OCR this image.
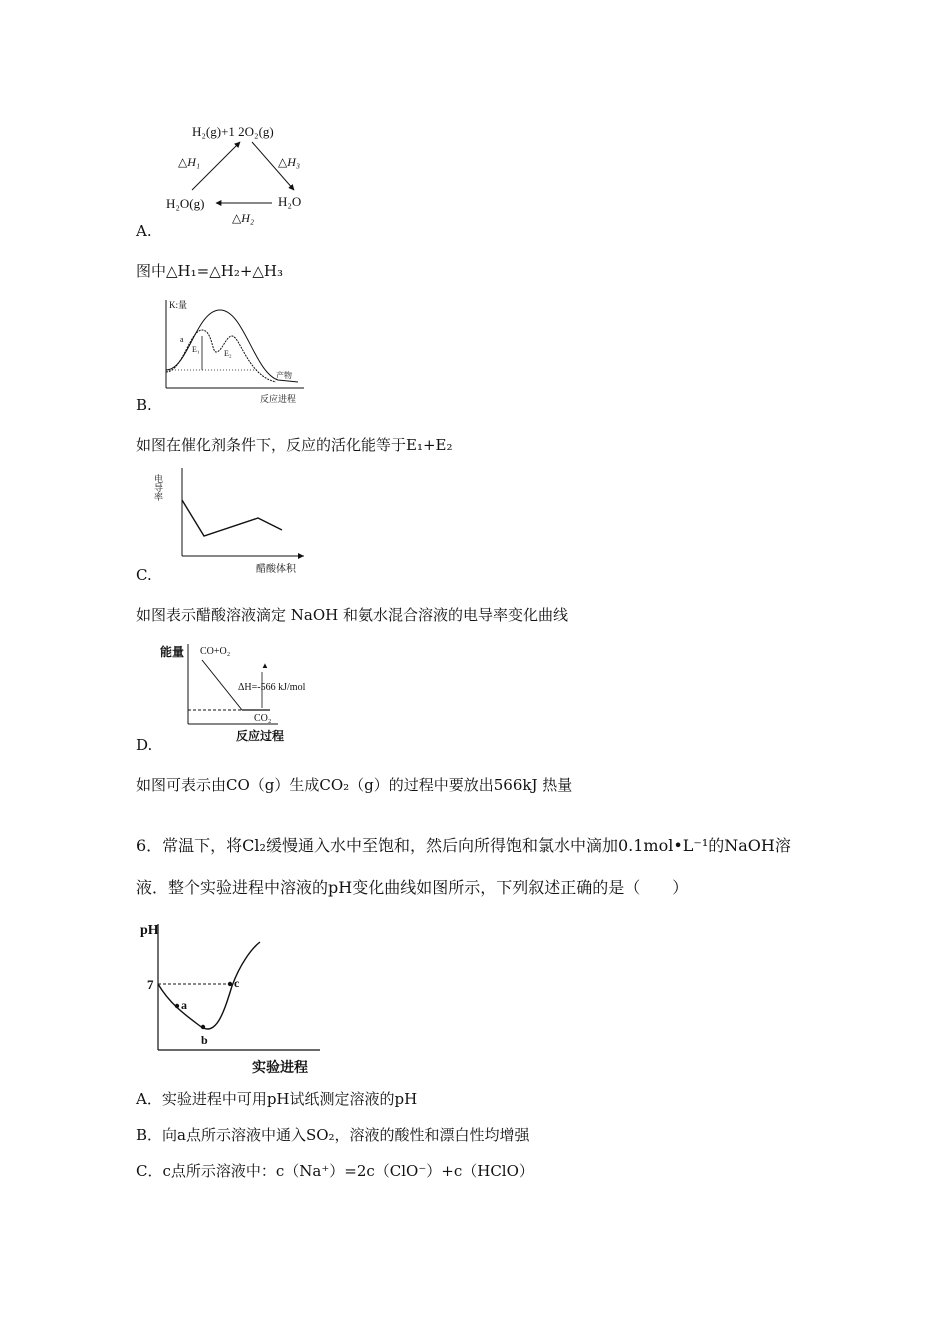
H₂(g)+1 2O₂(g)
△H₁	△H₃
H₂O(g)	H₂O
△H₂
A.
图中△H₁=△H₂+△H₃
K:量
a
E₁	E₂
产物
反应进程
B.
如图在催化剂条件下，反应的活化能等于E₁+E₂
电导率
醋酸体积
C.
如图表示醋酸溶液滴定 NaOH 和氨水混合溶液的电导率变化曲线
能量 CO+O₂
▲
ΔH=-566 kJ/mol
CO₂
反应过程
D.
如图可表示由CO（g）生成CO₂（g）的过程中要放出566kJ 热量
6．常温下，将Cl₂缓慢通入水中至饱和，然后向所得饱和氯水中滴加0.1mol•L⁻¹的NaOH溶
液．整个实验进程中溶液的pH变化曲线如图所示，下列叙述正确的是（　　）
pH
7
a
b
c
实验进程
A．实验进程中可用pH试纸测定溶液的pH
B．向a点所示溶液中通入SO₂，溶液的酸性和漂白性均增强
C．c点所示溶液中：c（Na⁺）=2c（ClO⁻）+c（HClO）
